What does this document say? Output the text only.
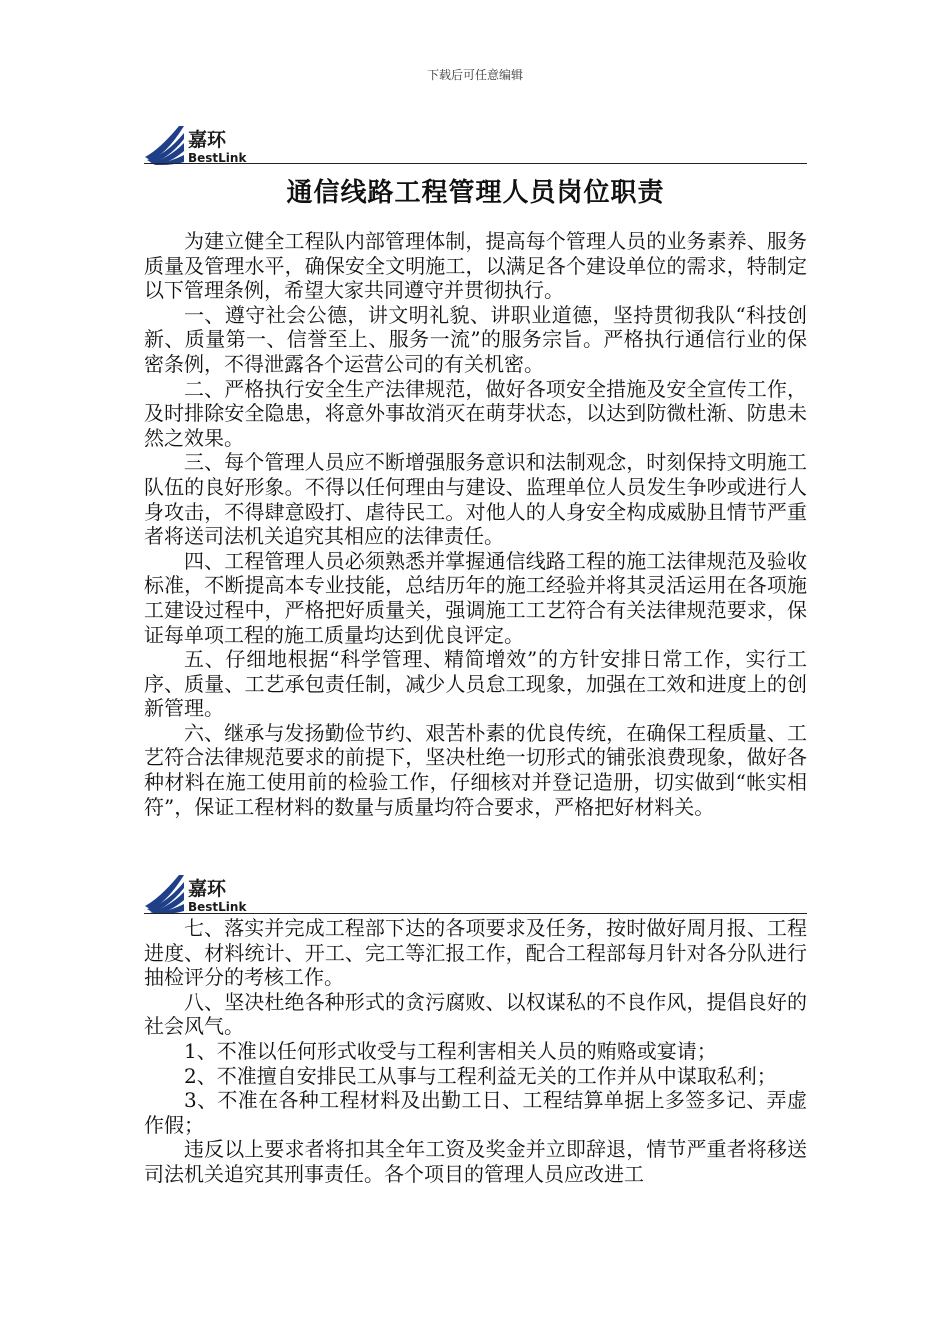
下载后可任意编辑
嘉环
BestLink
通信线路工程管理人员岗位职责

为建立健全工程队内部管理体制，提高每个管理人员的业务素养、服务质量及管理水平，确保安全文明施工，以满足各个建设单位的需求，特制定以下管理条例，希望大家共同遵守并贯彻执行。

一、遵守社会公德，讲文明礼貌、讲职业道德，坚持贯彻我队“科技创新、质量第一、信誉至上、服务一流”的服务宗旨。严格执行通信行业的保密条例，不得泄露各个运营公司的有关机密。

二、严格执行安全生产法律规范，做好各项安全措施及安全宣传工作，及时排除安全隐患，将意外事故消灭在萌芽状态，以达到防微杜渐、防患未然之效果。

三、每个管理人员应不断增强服务意识和法制观念，时刻保持文明施工队伍的良好形象。不得以任何理由与建设、监理单位人员发生争吵或进行人身攻击，不得肆意殴打、虐待民工。对他人的人身安全构成威胁且情节严重者将送司法机关追究其相应的法律责任。

四、工程管理人员必须熟悉并掌握通信线路工程的施工法律规范及验收标准，不断提高本专业技能，总结历年的施工经验并将其灵活运用在各项施工建设过程中，严格把好质量关，强调施工工艺符合有关法律规范要求，保证每单项工程的施工质量均达到优良评定。

五、仔细地根据“科学管理、精简增效”的方针安排日常工作，实行工序、质量、工艺承包责任制，减少人员怠工现象，加强在工效和进度上的创新管理。

六、继承与发扬勤俭节约、艰苦朴素的优良传统，在确保工程质量、工艺符合法律规范要求的前提下，坚决杜绝一切形式的铺张浪费现象，做好各种材料在施工使用前的检验工作，仔细核对并登记造册，切实做到“帐实相符”，保证工程材料的数量与质量均符合要求，严格把好材料关。

嘉环
BestLink

七、落实并完成工程部下达的各项要求及任务，按时做好周月报、工程进度、材料统计、开工、完工等汇报工作，配合工程部每月针对各分队进行抽检评分的考核工作。

八、坚决杜绝各种形式的贪污腐败、以权谋私的不良作风，提倡良好的社会风气。

1、不准以任何形式收受与工程利害相关人员的贿赂或宴请；

2、不准擅自安排民工从事与工程利益无关的工作并从中谋取私利；

3、不准在各种工程材料及出勤工日、工程结算单据上多签多记、弄虚作假；

违反以上要求者将扣其全年工资及奖金并立即辞退，情节严重者将移送司法机关追究其刑事责任。各个项目的管理人员应改进工
